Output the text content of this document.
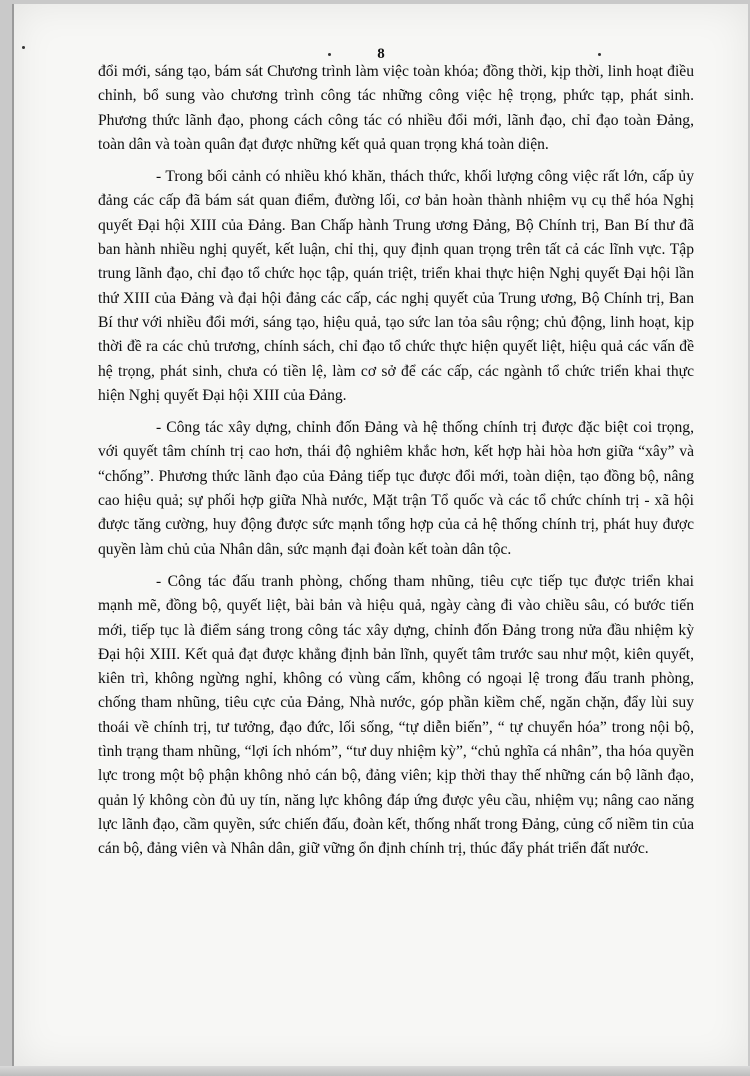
8

đổi mới, sáng tạo, bám sát Chương trình làm việc toàn khóa; đồng thời, kịp thời, linh hoạt điều chỉnh, bổ sung vào chương trình công tác những công việc hệ trọng, phức tạp, phát sinh. Phương thức lãnh đạo, phong cách công tác có nhiều đổi mới, lãnh đạo, chỉ đạo toàn Đảng, toàn dân và toàn quân đạt được những kết quả quan trọng khá toàn diện.

- Trong bối cảnh có nhiều khó khăn, thách thức, khối lượng công việc rất lớn, cấp ủy đảng các cấp đã bám sát quan điểm, đường lối, cơ bản hoàn thành nhiệm vụ cụ thể hóa Nghị quyết Đại hội XIII của Đảng. Ban Chấp hành Trung ương Đảng, Bộ Chính trị, Ban Bí thư đã ban hành nhiều nghị quyết, kết luận, chỉ thị, quy định quan trọng trên tất cả các lĩnh vực. Tập trung lãnh đạo, chỉ đạo tổ chức học tập, quán triệt, triển khai thực hiện Nghị quyết Đại hội lần thứ XIII của Đảng và đại hội đảng các cấp, các nghị quyết của Trung ương, Bộ Chính trị, Ban Bí thư với nhiều đổi mới, sáng tạo, hiệu quả, tạo sức lan tỏa sâu rộng; chủ động, linh hoạt, kịp thời đề ra các chủ trương, chính sách, chỉ đạo tổ chức thực hiện quyết liệt, hiệu quả các vấn đề hệ trọng, phát sinh, chưa có tiền lệ, làm cơ sở để các cấp, các ngành tổ chức triển khai thực hiện Nghị quyết Đại hội XIII của Đảng.

- Công tác xây dựng, chỉnh đốn Đảng và hệ thống chính trị được đặc biệt coi trọng, với quyết tâm chính trị cao hơn, thái độ nghiêm khắc hơn, kết hợp hài hòa hơn giữa “xây” và “chống”. Phương thức lãnh đạo của Đảng tiếp tục được đổi mới, toàn diện, tạo đồng bộ, nâng cao hiệu quả; sự phối hợp giữa Nhà nước, Mặt trận Tổ quốc và các tổ chức chính trị - xã hội được tăng cường, huy động được sức mạnh tổng hợp của cả hệ thống chính trị, phát huy được quyền làm chủ của Nhân dân, sức mạnh đại đoàn kết toàn dân tộc.

- Công tác đấu tranh phòng, chống tham nhũng, tiêu cực tiếp tục được triển khai mạnh mẽ, đồng bộ, quyết liệt, bài bản và hiệu quả, ngày càng đi vào chiều sâu, có bước tiến mới, tiếp tục là điểm sáng trong công tác xây dựng, chỉnh đốn Đảng trong nửa đầu nhiệm kỳ Đại hội XIII. Kết quả đạt được khẳng định bản lĩnh, quyết tâm trước sau như một, kiên quyết, kiên trì, không ngừng nghỉ, không có vùng cấm, không có ngoại lệ trong đấu tranh phòng, chống tham nhũng, tiêu cực của Đảng, Nhà nước, góp phần kiềm chế, ngăn chặn, đẩy lùi suy thoái về chính trị, tư tưởng, đạo đức, lối sống, “tự diễn biến”, “ tự chuyển hóa” trong nội bộ, tình trạng tham nhũng, “lợi ích nhóm”, “tư duy nhiệm kỳ”, “chủ nghĩa cá nhân”, tha hóa quyền lực trong một bộ phận không nhỏ cán bộ, đảng viên; kịp thời thay thế những cán bộ lãnh đạo, quản lý không còn đủ uy tín, năng lực không đáp ứng được yêu cầu, nhiệm vụ; nâng cao năng lực lãnh đạo, cầm quyền, sức chiến đấu, đoàn kết, thống nhất trong Đảng, củng cố niềm tin của cán bộ, đảng viên và Nhân dân, giữ vững ổn định chính trị, thúc đẩy phát triển đất nước.
